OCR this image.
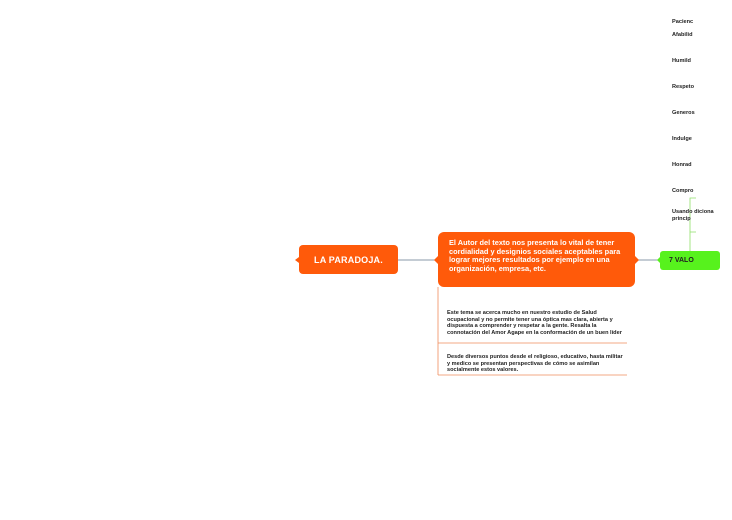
LA PARADOJA.
El Autor del texto nos presenta lo vital de tener cordialidad y designios sociales aceptables para lograr mejores resultados por ejemplo en una organización, empresa, etc.
Este tema se acerca mucho en nuestro estudio de Salud ocupacional y no permite tener una óptica mas clara, abierta y dispuesta a comprender y respetar a la gente. Resalta la connotación del Amor Agape en la conformación de un buen líder
Desde diversos puntos desde el religioso, educativo, hasta militar y medico se presentan perspectivas de cómo se asimilan socialmente estos valores.
7 VALO
Pacienc
Afabilid
Humild
Respeto
Generos
Indulge
Honrad
Compro
Usando diciona princip
